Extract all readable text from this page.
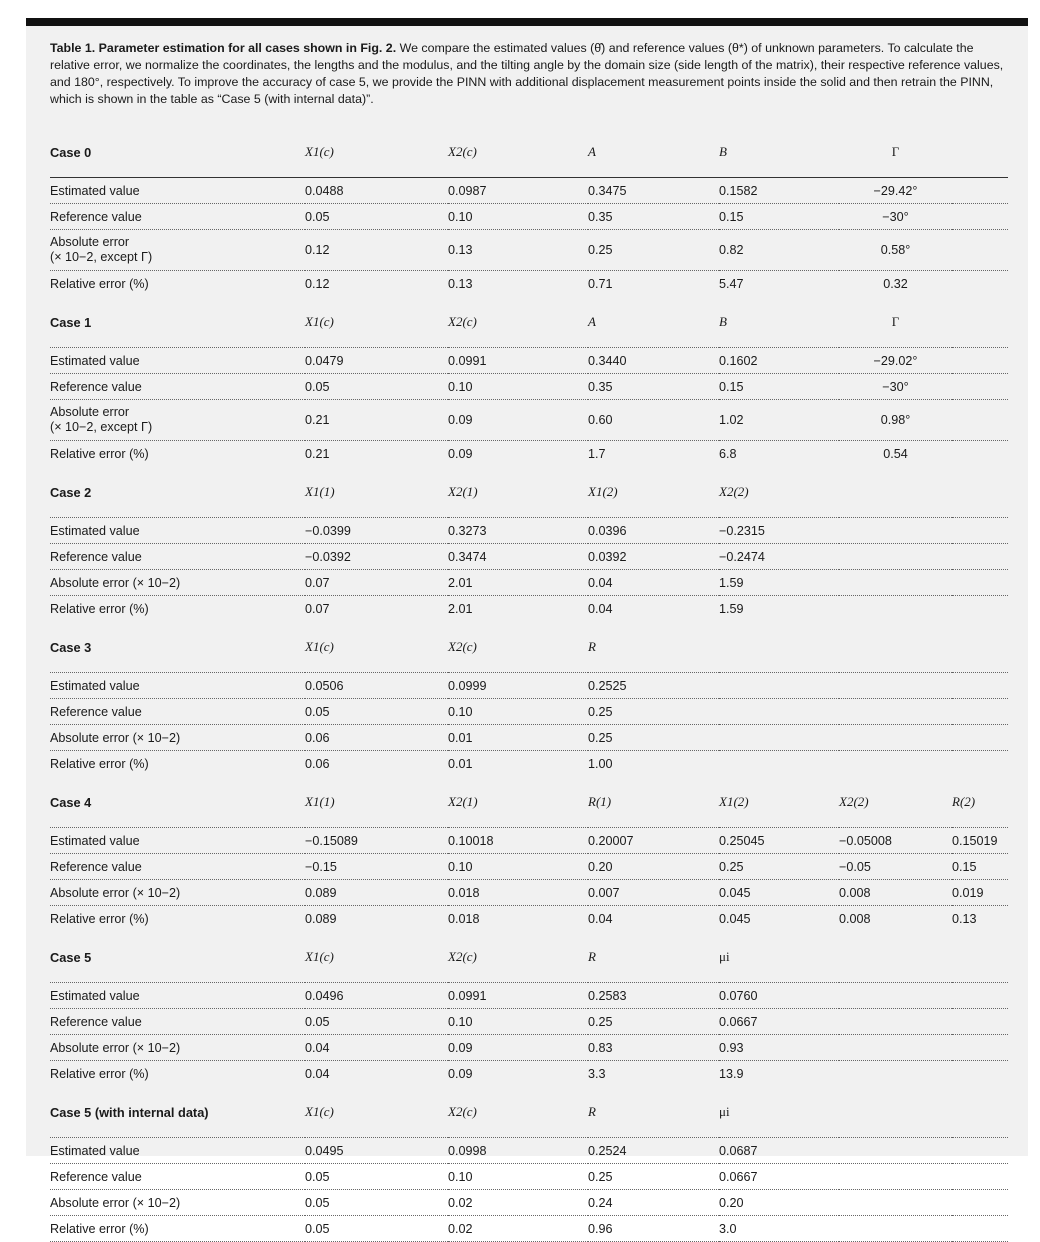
Table 1. Parameter estimation for all cases shown in Fig. 2. We compare the estimated values (θ̂) and reference values (θ*) of unknown parameters. To calculate the relative error, we normalize the coordinates, the lengths and the modulus, and the tilting angle by the domain size (side length of the matrix), their respective reference values, and 180°, respectively. To improve the accuracy of case 5, we provide the PINN with additional displacement measurement points inside the solid and then retrain the PINN, which is shown in the table as “Case 5 (with internal data)”.

Case 0	X1(c)	X2(c)	A	B	Γ	
Estimated value	0.0488	0.0987	0.3475	0.1582	−29.42°	
Reference value	0.05	0.10	0.35	0.15	−30°	

Absolute error
(× 10−2, except Γ)	0.12	0.13	0.25	0.82	0.58°	
Relative error (%)	0.12	0.13	0.71	5.47	0.32	
Case 1	X1(c)	X2(c)	A	B	Γ	
Estimated value	0.0479	0.0991	0.3440	0.1602	−29.02°	
Reference value	0.05	0.10	0.35	0.15	−30°	

Absolute error
(× 10−2, except Γ)	0.21	0.09	0.60	1.02	0.98°	
Relative error (%)	0.21	0.09	1.7	6.8	0.54	
Case 2	X1(1)	X2(1)	X1(2)	X2(2)		
Estimated value	−0.0399	0.3273	0.0396	−0.2315		
Reference value	−0.0392	0.3474	0.0392	−0.2474		
Absolute error (× 10−2)	0.07	2.01	0.04	1.59		
Relative error (%)	0.07	2.01	0.04	1.59		
Case 3	X1(c)	X2(c)	R			
Estimated value	0.0506	0.0999	0.2525			
Reference value	0.05	0.10	0.25			
Absolute error (× 10−2)	0.06	0.01	0.25			
Relative error (%)	0.06	0.01	1.00			
Case 4	X1(1)	X2(1)	R(1)	X1(2)	X2(2)	R(2)
Estimated value	−0.15089	0.10018	0.20007	0.25045	−0.05008	0.15019
Reference value	−0.15	0.10	0.20	0.25	−0.05	0.15
Absolute error (× 10−2)	0.089	0.018	0.007	0.045	0.008	0.019
Relative error (%)	0.089	0.018	0.04	0.045	0.008	0.13
Case 5	X1(c)	X2(c)	R	μi		
Estimated value	0.0496	0.0991	0.2583	0.0760		
Reference value	0.05	0.10	0.25	0.0667		
Absolute error (× 10−2)	0.04	0.09	0.83	0.93		
Relative error (%)	0.04	0.09	3.3	13.9		
Case 5 (with internal data)	X1(c)	X2(c)	R	μi		
Estimated value	0.0495	0.0998	0.2524	0.0687		
Reference value	0.05	0.10	0.25	0.0667		
Absolute error (× 10−2)	0.05	0.02	0.24	0.20		
Relative error (%)	0.05	0.02	0.96	3.0		
